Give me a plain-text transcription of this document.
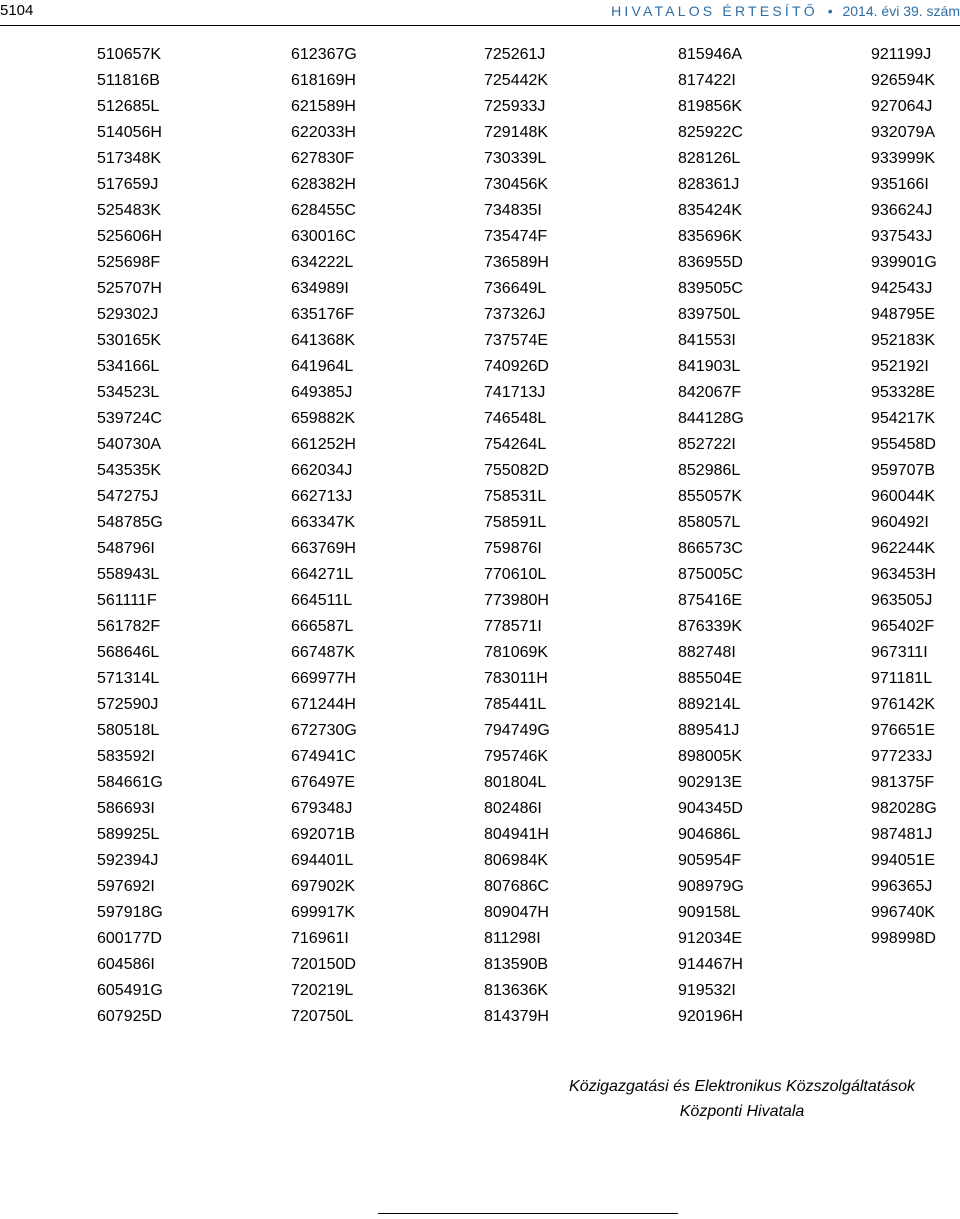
5104	HIVATALOS ÉRTESÍTŐ • 2014. évi 39. szám
510657K
511816B
512685L
514056H
517348K
517659J
525483K
525606H
525698F
525707H
529302J
530165K
534166L
534523L
539724C
540730A
543535K
547275J
548785G
548796I
558943L
561111F
561782F
568646L
571314L
572590J
580518L
583592I
584661G
586693I
589925L
592394J
597692I
597918G
600177D
604586I
605491G
607925D
612367G
618169H
621589H
622033H
627830F
628382H
628455C
630016C
634222L
634989I
635176F
641368K
641964L
649385J
659882K
661252H
662034J
662713J
663347K
663769H
664271L
664511L
666587L
667487K
669977H
671244H
672730G
674941C
676497E
679348J
692071B
694401L
697902K
699917K
716961I
720150D
720219L
720750L
725261J
725442K
725933J
729148K
730339L
730456K
734835I
735474F
736589H
736649L
737326J
737574E
740926D
741713J
746548L
754264L
755082D
758531L
758591L
759876I
770610L
773980H
778571I
781069K
783011H
785441L
794749G
795746K
801804L
802486I
804941H
806984K
807686C
809047H
811298I
813590B
813636K
814379H
815946A
817422I
819856K
825922C
828126L
828361J
835424K
835696K
836955D
839505C
839750L
841553I
841903L
842067F
844128G
852722I
852986L
855057K
858057L
866573C
875005C
875416E
876339K
882748I
885504E
889214L
889541J
898005K
902913E
904345D
904686L
905954F
908979G
909158L
912034E
914467H
919532I
920196H
921199J
926594K
927064J
932079A
933999K
935166I
936624J
937543J
939901G
942543J
948795E
952183K
952192I
953328E
954217K
955458D
959707B
960044K
960492I
962244K
963453H
963505J
965402F
967311I
971181L
976142K
976651E
977233J
981375F
982028G
987481J
994051E
996365J
996740K
998998D
Közigazgatási és Elektronikus Közszolgáltatások
Központi Hivatala
